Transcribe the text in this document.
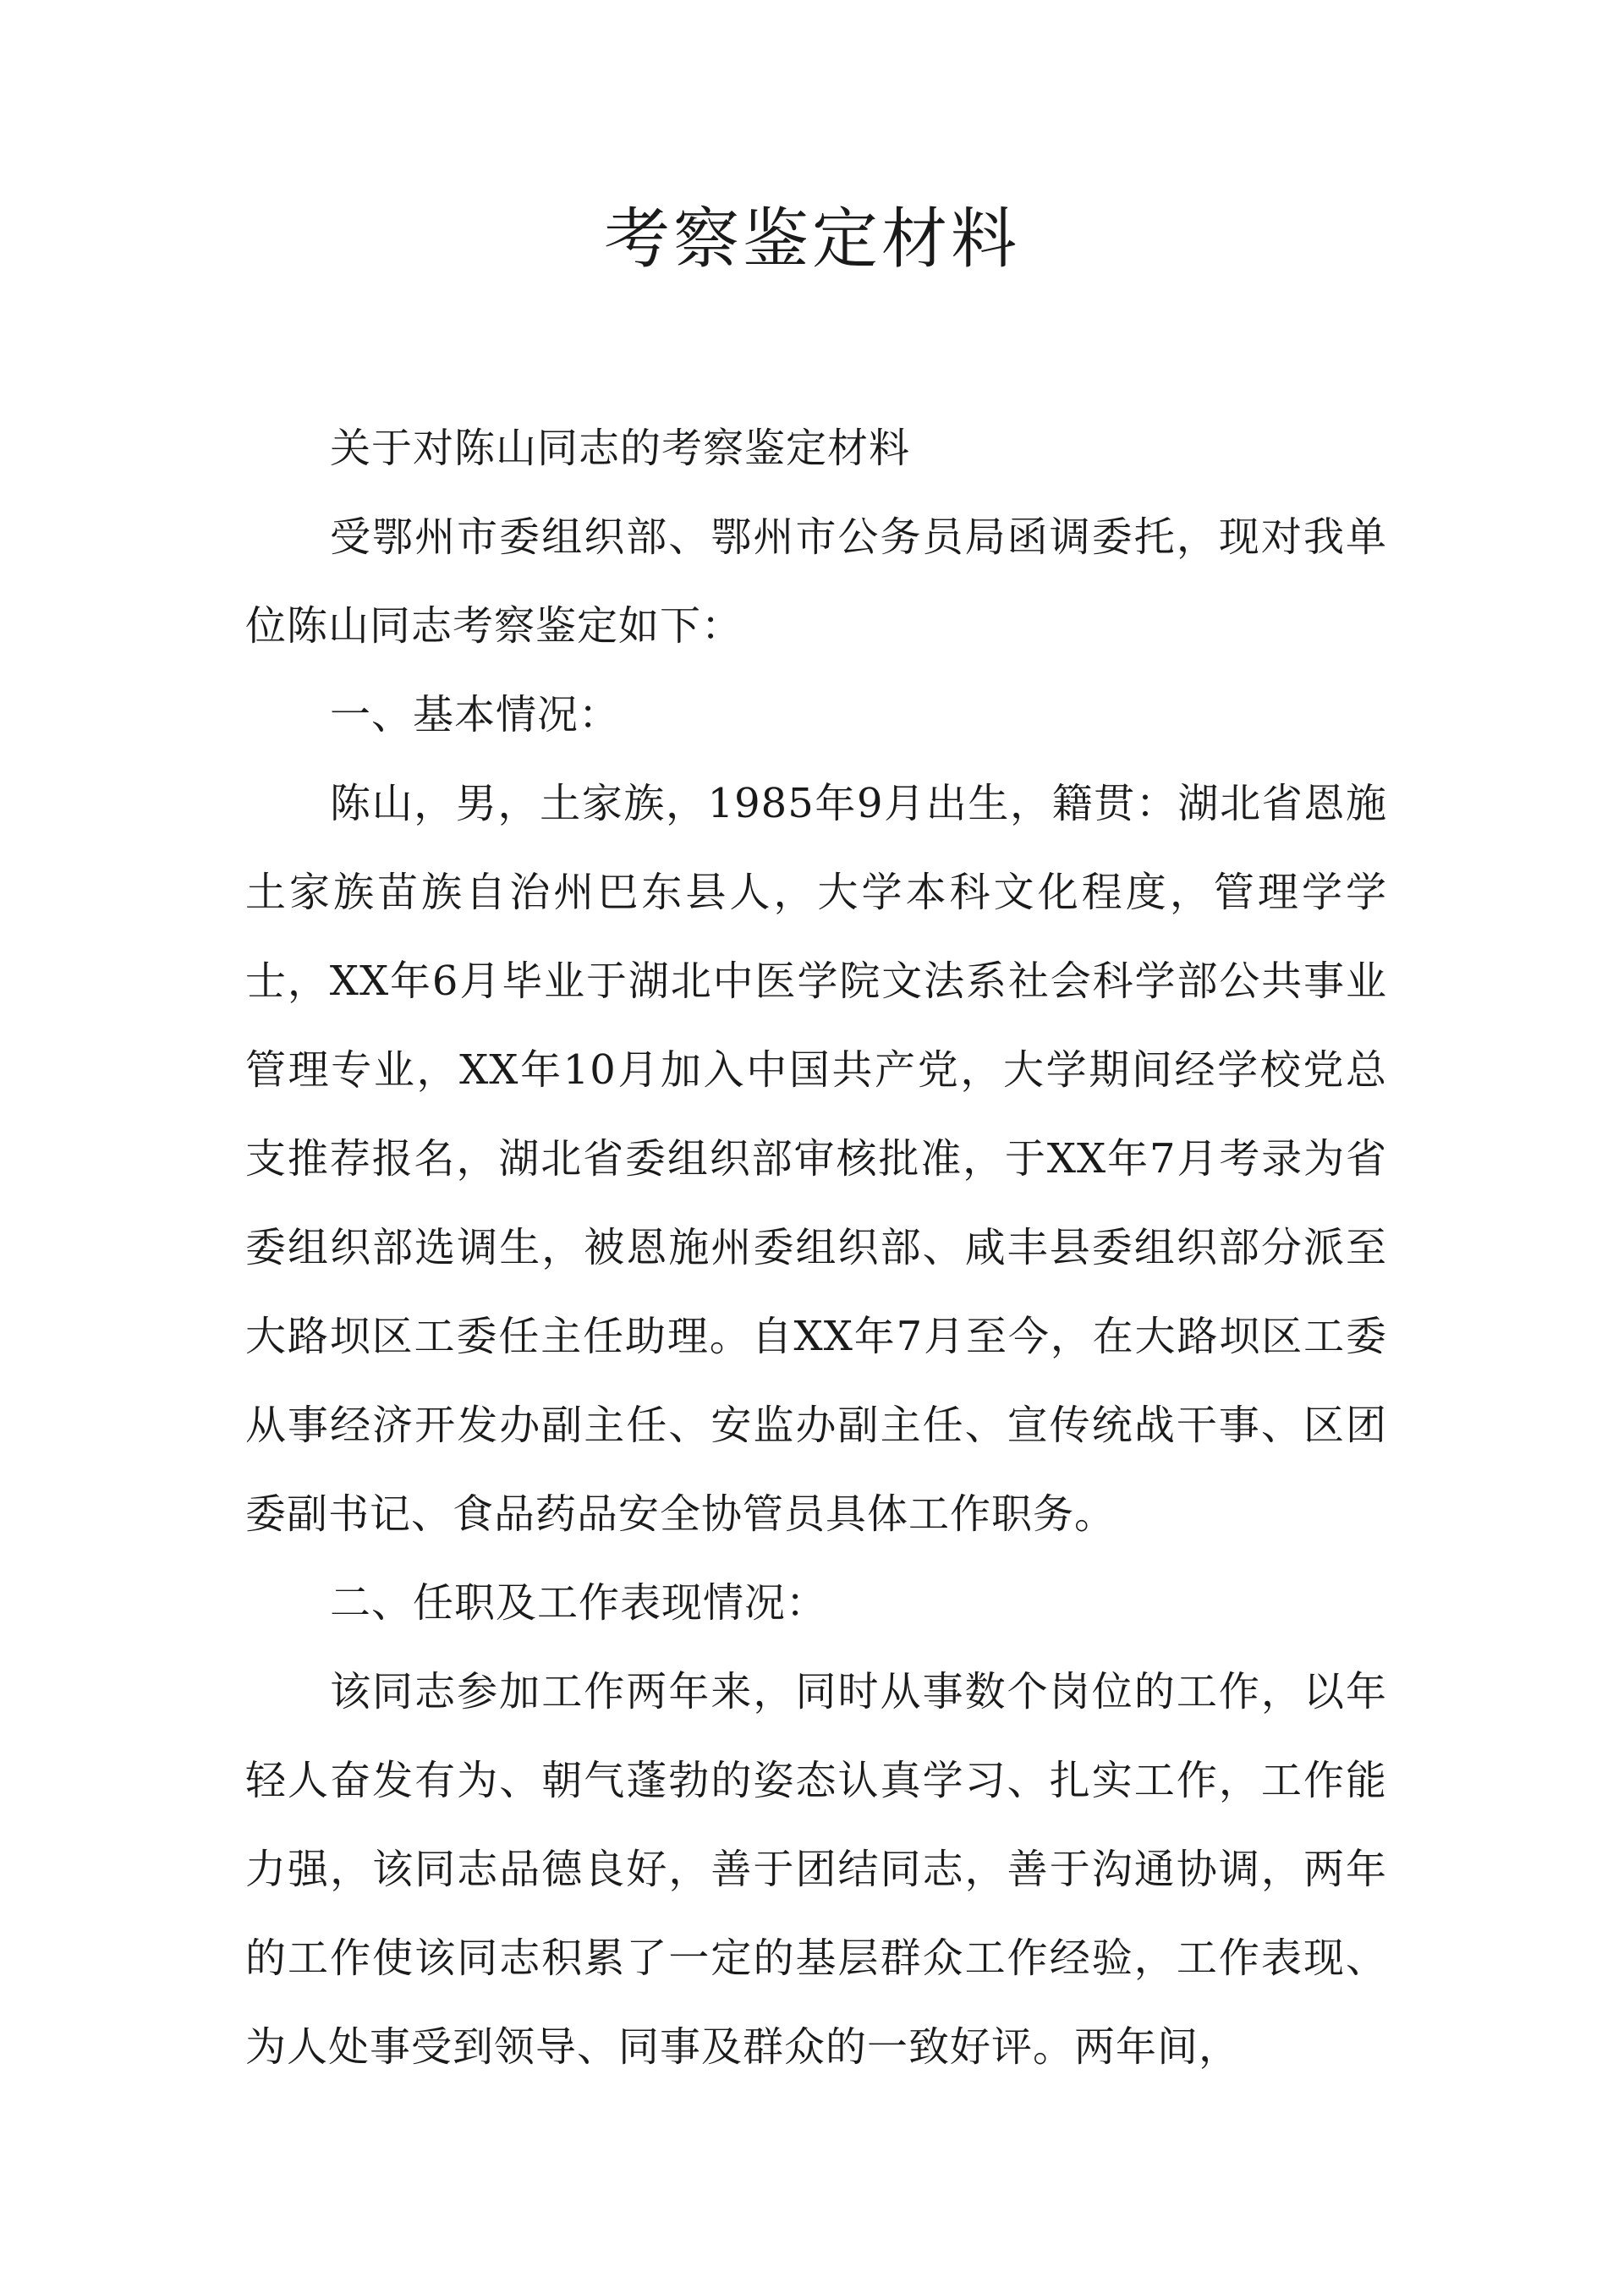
考察鉴定材料

关于对陈山同志的考察鉴定材料

受鄂州市委组织部、鄂州市公务员局函调委托，现对我单位陈山同志考察鉴定如下：

一、基本情况：

陈山，男，土家族，1985年9月出生，籍贯：湖北省恩施土家族苗族自治州巴东县人，大学本科文化程度，管理学学士，XX年6月毕业于湖北中医学院文法系社会科学部公共事业管理专业，XX年10月加入中国共产党，大学期间经学校党总支推荐报名，湖北省委组织部审核批准，于XX年7月考录为省委组织部选调生，被恩施州委组织部、咸丰县委组织部分派至大路坝区工委任主任助理。自XX年7月至今，在大路坝区工委从事经济开发办副主任、安监办副主任、宣传统战干事、区团委副书记、食品药品安全协管员具体工作职务。

二、任职及工作表现情况：

该同志参加工作两年来，同时从事数个岗位的工作，以年轻人奋发有为、朝气蓬勃的姿态认真学习、扎实工作，工作能力强，该同志品德良好，善于团结同志，善于沟通协调，两年的工作使该同志积累了一定的基层群众工作经验，工作表现、为人处事受到领导、同事及群众的一致好评。两年间，
